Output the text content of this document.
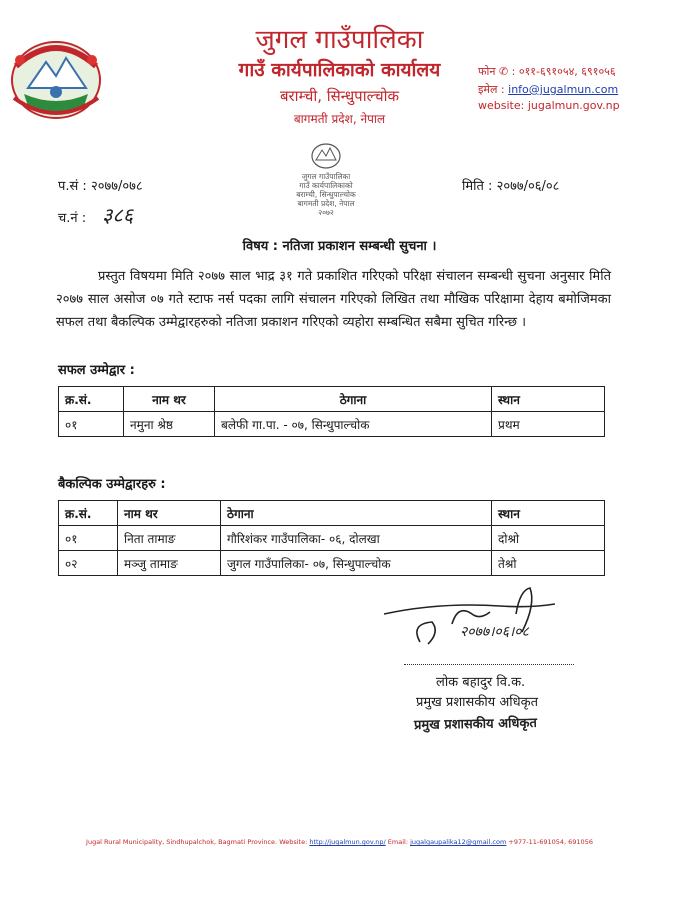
जुगल गाउँपालिका
गाउँ कार्यपालिकाको कार्यालय
बराम्ची, सिन्धुपाल्चोक
बागमती प्रदेश, नेपाल
फोन ✆ : ०११-६९१०५४, ६९१०५६
इमेल : info@jugalmun.com
website: jugalmun.gov.np
जुगल गाउँपालिका
गाउँ कार्यपालिकाको
बराम्ची, सिन्धुपाल्चोक
बागमती प्रदेश, नेपाल
२०७२
प.सं : २०७७/०७८	मिति : २०७७/०६/०८
च.नं : ३८६
विषय : नतिजा प्रकाशन सम्बन्धी सुचना ।
प्रस्तुत विषयमा मिति २०७७ साल भाद्र ३१ गते प्रकाशित गरिएको परिक्षा संचालन सम्बन्धी सुचना अनुसार मिति २०७७ साल असोज ०७ गते स्टाफ नर्स पदका लागि संचालन गरिएको लिखित तथा मौखिक परिक्षामा देहाय बमोजिमका सफल तथा बैकल्पिक उम्मेद्वारहरुको नतिजा प्रकाशन गरिएको व्यहोरा सम्बन्धित सबैमा सुचित गरिन्छ ।
सफल उम्मेद्वार :
क्र.सं.	नाम थर	ठेगाना	स्थान
०१	नमुना श्रेष्ठ	बलेफी गा.पा. - ०७, सिन्धुपाल्चोक	प्रथम
बैकल्पिक उम्मेद्वारहरु :
क्र.सं.	नाम थर	ठेगाना	स्थान
०१	निता तामाङ	गौरिशंकर गाउँपालिका- ०६, दोलखा	दोश्रो
०२	मञ्जु तामाङ	जुगल गाउँपालिका- ०७, सिन्धुपाल्चोक	तेश्रो
२०७७।०६।०८
लोक बहादुर वि.क.
प्रमुख प्रशासकीय अधिकृत
प्रमुख प्रशासकीय अधिकृत
Jugal Rural Municipality, Sindhupalchok, Bagmati Province. Website: http://jugalmun.gov.np/ Email: jugalgaupalika12@gmail.com +977-11-691054, 691056
